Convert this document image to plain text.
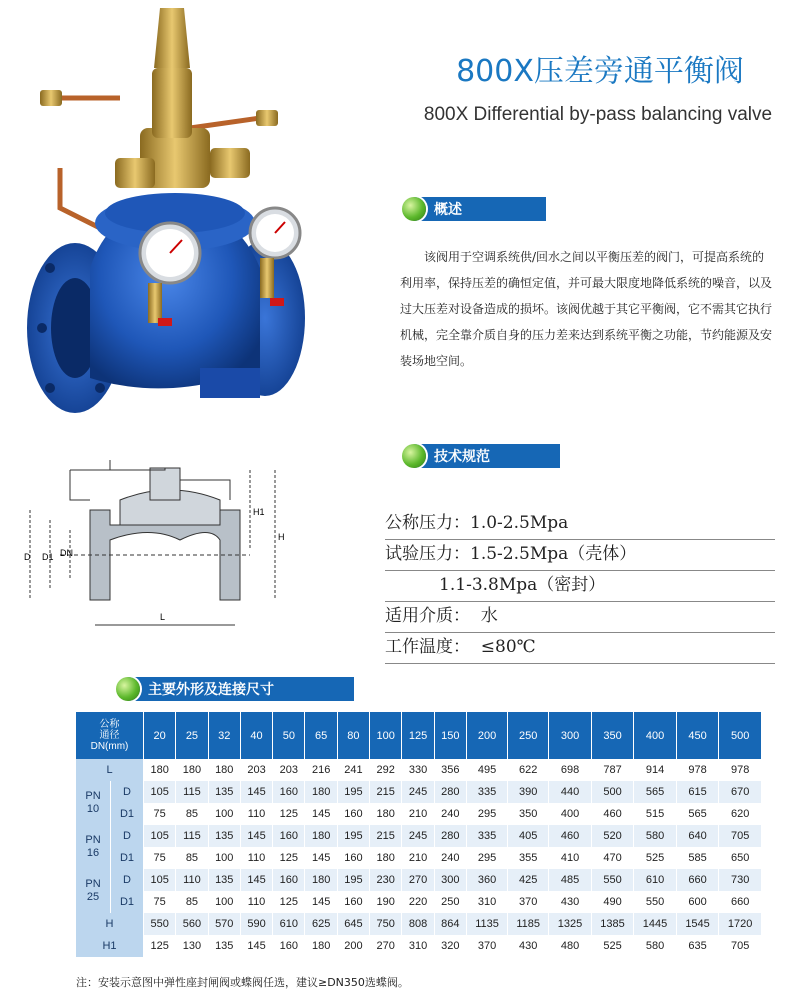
800X压差旁通平衡阀
800X Differential by-pass balancing valve
概述
该阀用于空调系统供/回水之间以平衡压差的阀门，可提高系统的利用率，保持压差的确恒定值，并可最大限度地降低系统的噪音，以及过大压差对设备造成的损坏。该阀优越于其它平衡阀，它不需其它执行机械，完全靠介质自身的压力差来达到系统平衡之功能，节约能源及安装场地空间。
D D1 DN
L
H1
H
技术规范
公称压力：1.0-2.5Mpa
试验压力：1.5-2.5Mpa（壳体）
1.1-3.8Mpa（密封）
适用介质：  水
工作温度：  ≤80℃
主要外形及连接尺寸
公称
通径
DN(mm)		20	25	32	40	50	65	80	100	125	150	200	250	300	350	400	450	500
L		180	180	180	203	203	216	241	292	330	356	495	622	698	787	914	978	978

PN
10	D	105	115	135	145	160	180	195	215	245	280	335	390	440	500	565	615	670
	D1	75	85	100	110	125	145	160	180	210	240	295	350	400	460	515	565	620

PN
16	D	105	115	135	145	160	180	195	215	245	280	335	405	460	520	580	640	705
	D1	75	85	100	110	125	145	160	180	210	240	295	355	410	470	525	585	650

PN
25	D	105	110	135	145	160	180	195	230	270	300	360	425	485	550	610	660	730
	D1	75	85	100	110	125	145	160	190	220	250	310	370	430	490	550	600	660
H		550	560	570	590	610	625	645	750	808	864	1135	1185	1325	1385	1445	1545	1720
H1		125	130	135	145	160	180	200	270	310	320	370	430	480	525	580	635	705
注：安装示意图中弹性座封闸阀或蝶阀任选，建议≥DN350选蝶阀。
